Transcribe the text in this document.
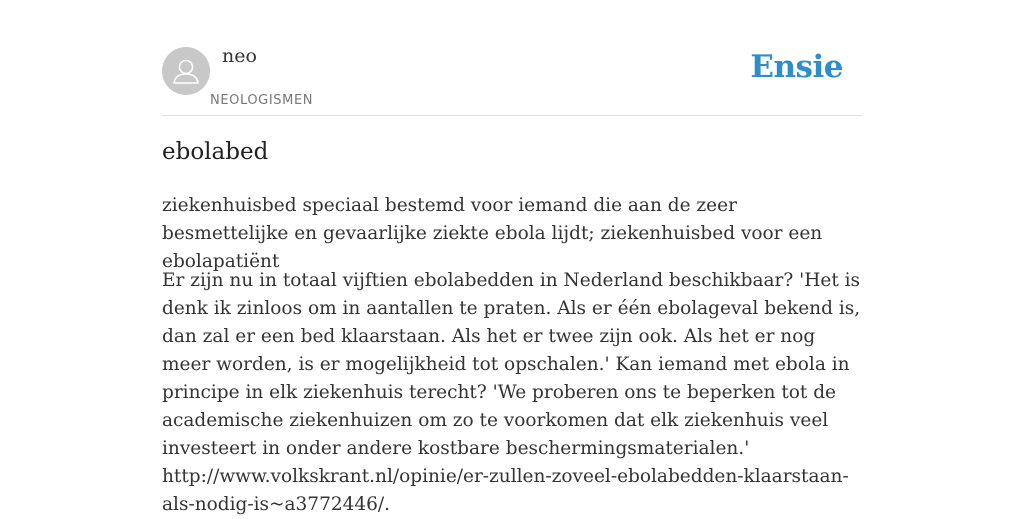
neo
NEOLOGISMEN
Ensie
ebolabed

ziekenhuisbed speciaal bestemd voor iemand die aan de zeer besmettelijke en gevaarlijke ziekte ebola lijdt; ziekenhuisbed voor een ebolapatiënt

Er zijn nu in totaal vijftien ebolabedden in Nederland beschikbaar? 'Het is denk ik zinloos om in aantallen te praten. Als er één ebolageval bekend is, dan zal er een bed klaarstaan. Als het er twee zijn ook. Als het er nog meer worden, is er mogelijkheid tot opschalen.' Kan iemand met ebola in principe in elk ziekenhuis terecht? 'We proberen ons te beperken tot de academische ziekenhuizen om zo te voorkomen dat elk ziekenhuis veel investeert in onder andere kostbare beschermingsmaterialen.' http://www.volkskrant.nl/opinie/er-zullen-zoveel-ebolabedden-klaarstaan-als-nodig-is~a3772446/.
